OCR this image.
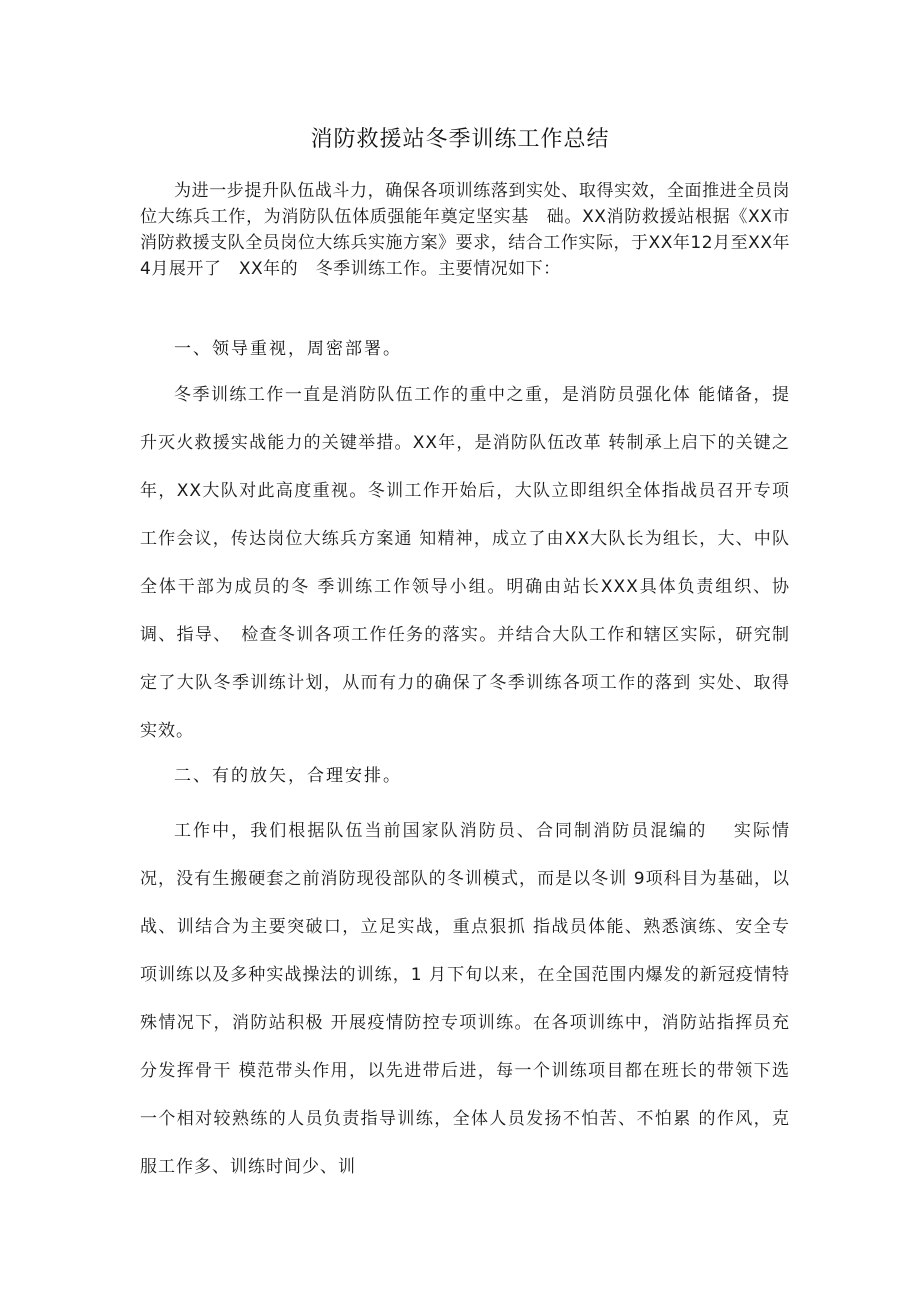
消防救援站冬季训练工作总结

为进一步提升队伍战斗力，确保各项训练落到实处、取得实效，全面推进全员岗位大练兵工作，为消防队伍体质强能年奠定坚实基　础。XX消防救援站根据《XX市消防救援支队全员岗位大练兵实施方案》要求，结合工作实际，于XX年12月至XX年4月展开了　XX年的　冬季训练工作。主要情况如下：

一、领导重视，周密部署。

冬季训练工作一直是消防队伍工作的重中之重，是消防员强化体 能储备，提升灭火救援实战能力的关键举措。XX年，是消防队伍改革 转制承上启下的关键之年，XX大队对此高度重视。冬训工作开始后，大队立即组织全体指战员召开专项工作会议，传达岗位大练兵方案通 知精神，成立了由XX大队长为组长，大、中队全体干部为成员的冬 季训练工作领导小组。明确由站长XXX具体负责组织、协调、指导、　检查冬训各项工作任务的落实。并结合大队工作和辖区实际，研究制 定了大队冬季训练计划，从而有力的确保了冬季训练各项工作的落到 实处、取得实效。

二、有的放矢，合理安排。

工作中，我们根据队伍当前国家队消防员、合同制消防员混编的　 实际情况，没有生搬硬套之前消防现役部队的冬训模式，而是以冬训 9项科目为基础，以战、训结合为主要突破口，立足实战，重点狠抓 指战员体能、熟悉演练、安全专项训练以及多种实战操法的训练，1 月下旬以来，在全国范围内爆发的新冠疫情特殊情况下，消防站积极 开展疫情防控专项训练。在各项训练中，消防站指挥员充分发挥骨干 模范带头作用，以先进带后进，每一个训练项目都在班长的带领下选　一个相对较熟练的人员负责指导训练，全体人员发扬不怕苦、不怕累 的作风，克服工作多、训练时间少、训
